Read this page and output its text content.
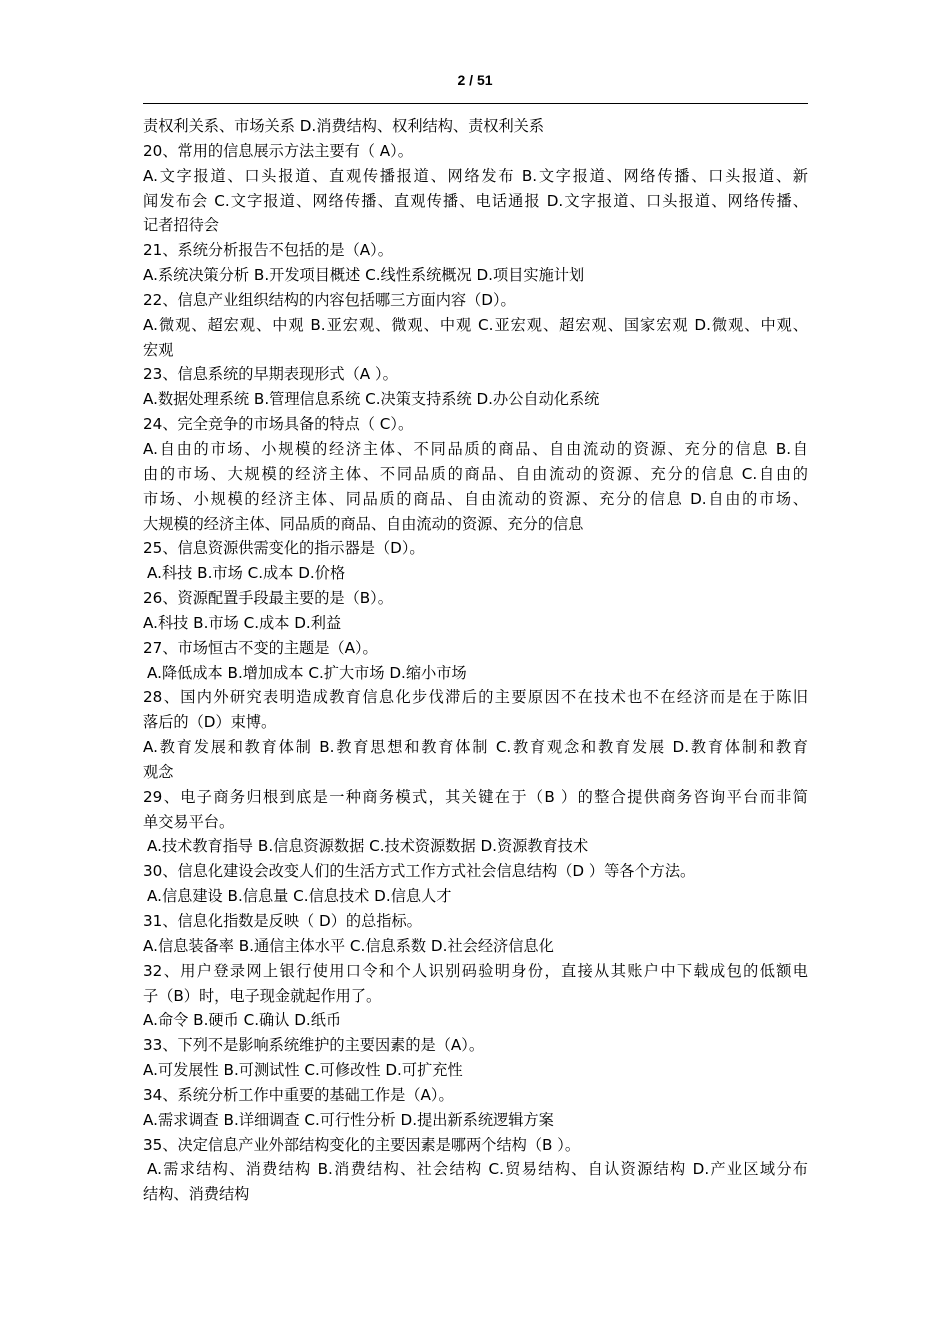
2 / 51
责权利关系、市场关系 D.消费结构、权利结构、责权利关系
20、常用的信息展示方法主要有（ A）。
A.文字报道、口头报道、直观传播报道、网络发布 B.文字报道、网络传播、口头报道、新
闻发布会 C.文字报道、网络传播、直观传播、电话通报 D.文字报道、口头报道、网络传播、
记者招待会
21、系统分析报告不包括的是（A）。
A.系统决策分析 B.开发项目概述 C.线性系统概况 D.项目实施计划
22、信息产业组织结构的内容包括哪三方面内容（D）。
A.微观、超宏观、中观 B.亚宏观、微观、中观 C.亚宏观、超宏观、国家宏观 D.微观、中观、
宏观
23、信息系统的早期表现形式（A ）。
A.数据处理系统 B.管理信息系统 C.决策支持系统 D.办公自动化系统
24、完全竞争的市场具备的特点（ C）。
A.自由的市场、小规模的经济主体、不同品质的商品、自由流动的资源、充分的信息 B.自
由的市场、大规模的经济主体、不同品质的商品、自由流动的资源、充分的信息 C.自由的
市场、小规模的经济主体、同品质的商品、自由流动的资源、充分的信息 D.自由的市场、
大规模的经济主体、同品质的商品、自由流动的资源、充分的信息
25、信息资源供需变化的指示器是（D）。
A.科技 B.市场 C.成本 D.价格
26、资源配置手段最主要的是（B）。
A.科技 B.市场 C.成本 D.利益
27、市场恒古不变的主题是（A）。
A.降低成本 B.增加成本 C.扩大市场 D.缩小市场
28、国内外研究表明造成教育信息化步伐滞后的主要原因不在技术也不在经济而是在于陈旧
落后的（D）束博。
A.教育发展和教育体制 B.教育思想和教育体制 C.教育观念和教育发展 D.教育体制和教育
观念
29、电子商务归根到底是一种商务模式，其关键在于（B ）的整合提供商务咨询平台而非简
单交易平台。
A.技术教育指导 B.信息资源数据 C.技术资源数据 D.资源教育技术
30、信息化建设会改变人们的生活方式工作方式社会信息结构（D ）等各个方法。
A.信息建设 B.信息量 C.信息技术 D.信息人才
31、信息化指数是反映（ D）的总指标。
A.信息装备率 B.通信主体水平 C.信息系数 D.社会经济信息化
32、用户登录网上银行使用口令和个人识别码验明身份，直接从其账户中下载成包的低额电
子（B）时，电子现金就起作用了。
A.命令 B.硬币 C.确认 D.纸币
33、下列不是影响系统维护的主要因素的是（A）。
A.可发展性 B.可测试性 C.可修改性 D.可扩充性
34、系统分析工作中重要的基础工作是（A）。
A.需求调查 B.详细调查 C.可行性分析 D.提出新系统逻辑方案
35、决定信息产业外部结构变化的主要因素是哪两个结构（B ）。
A.需求结构、消费结构 B.消费结构、社会结构 C.贸易结构、自认资源结构 D.产业区域分布
结构、消费结构
